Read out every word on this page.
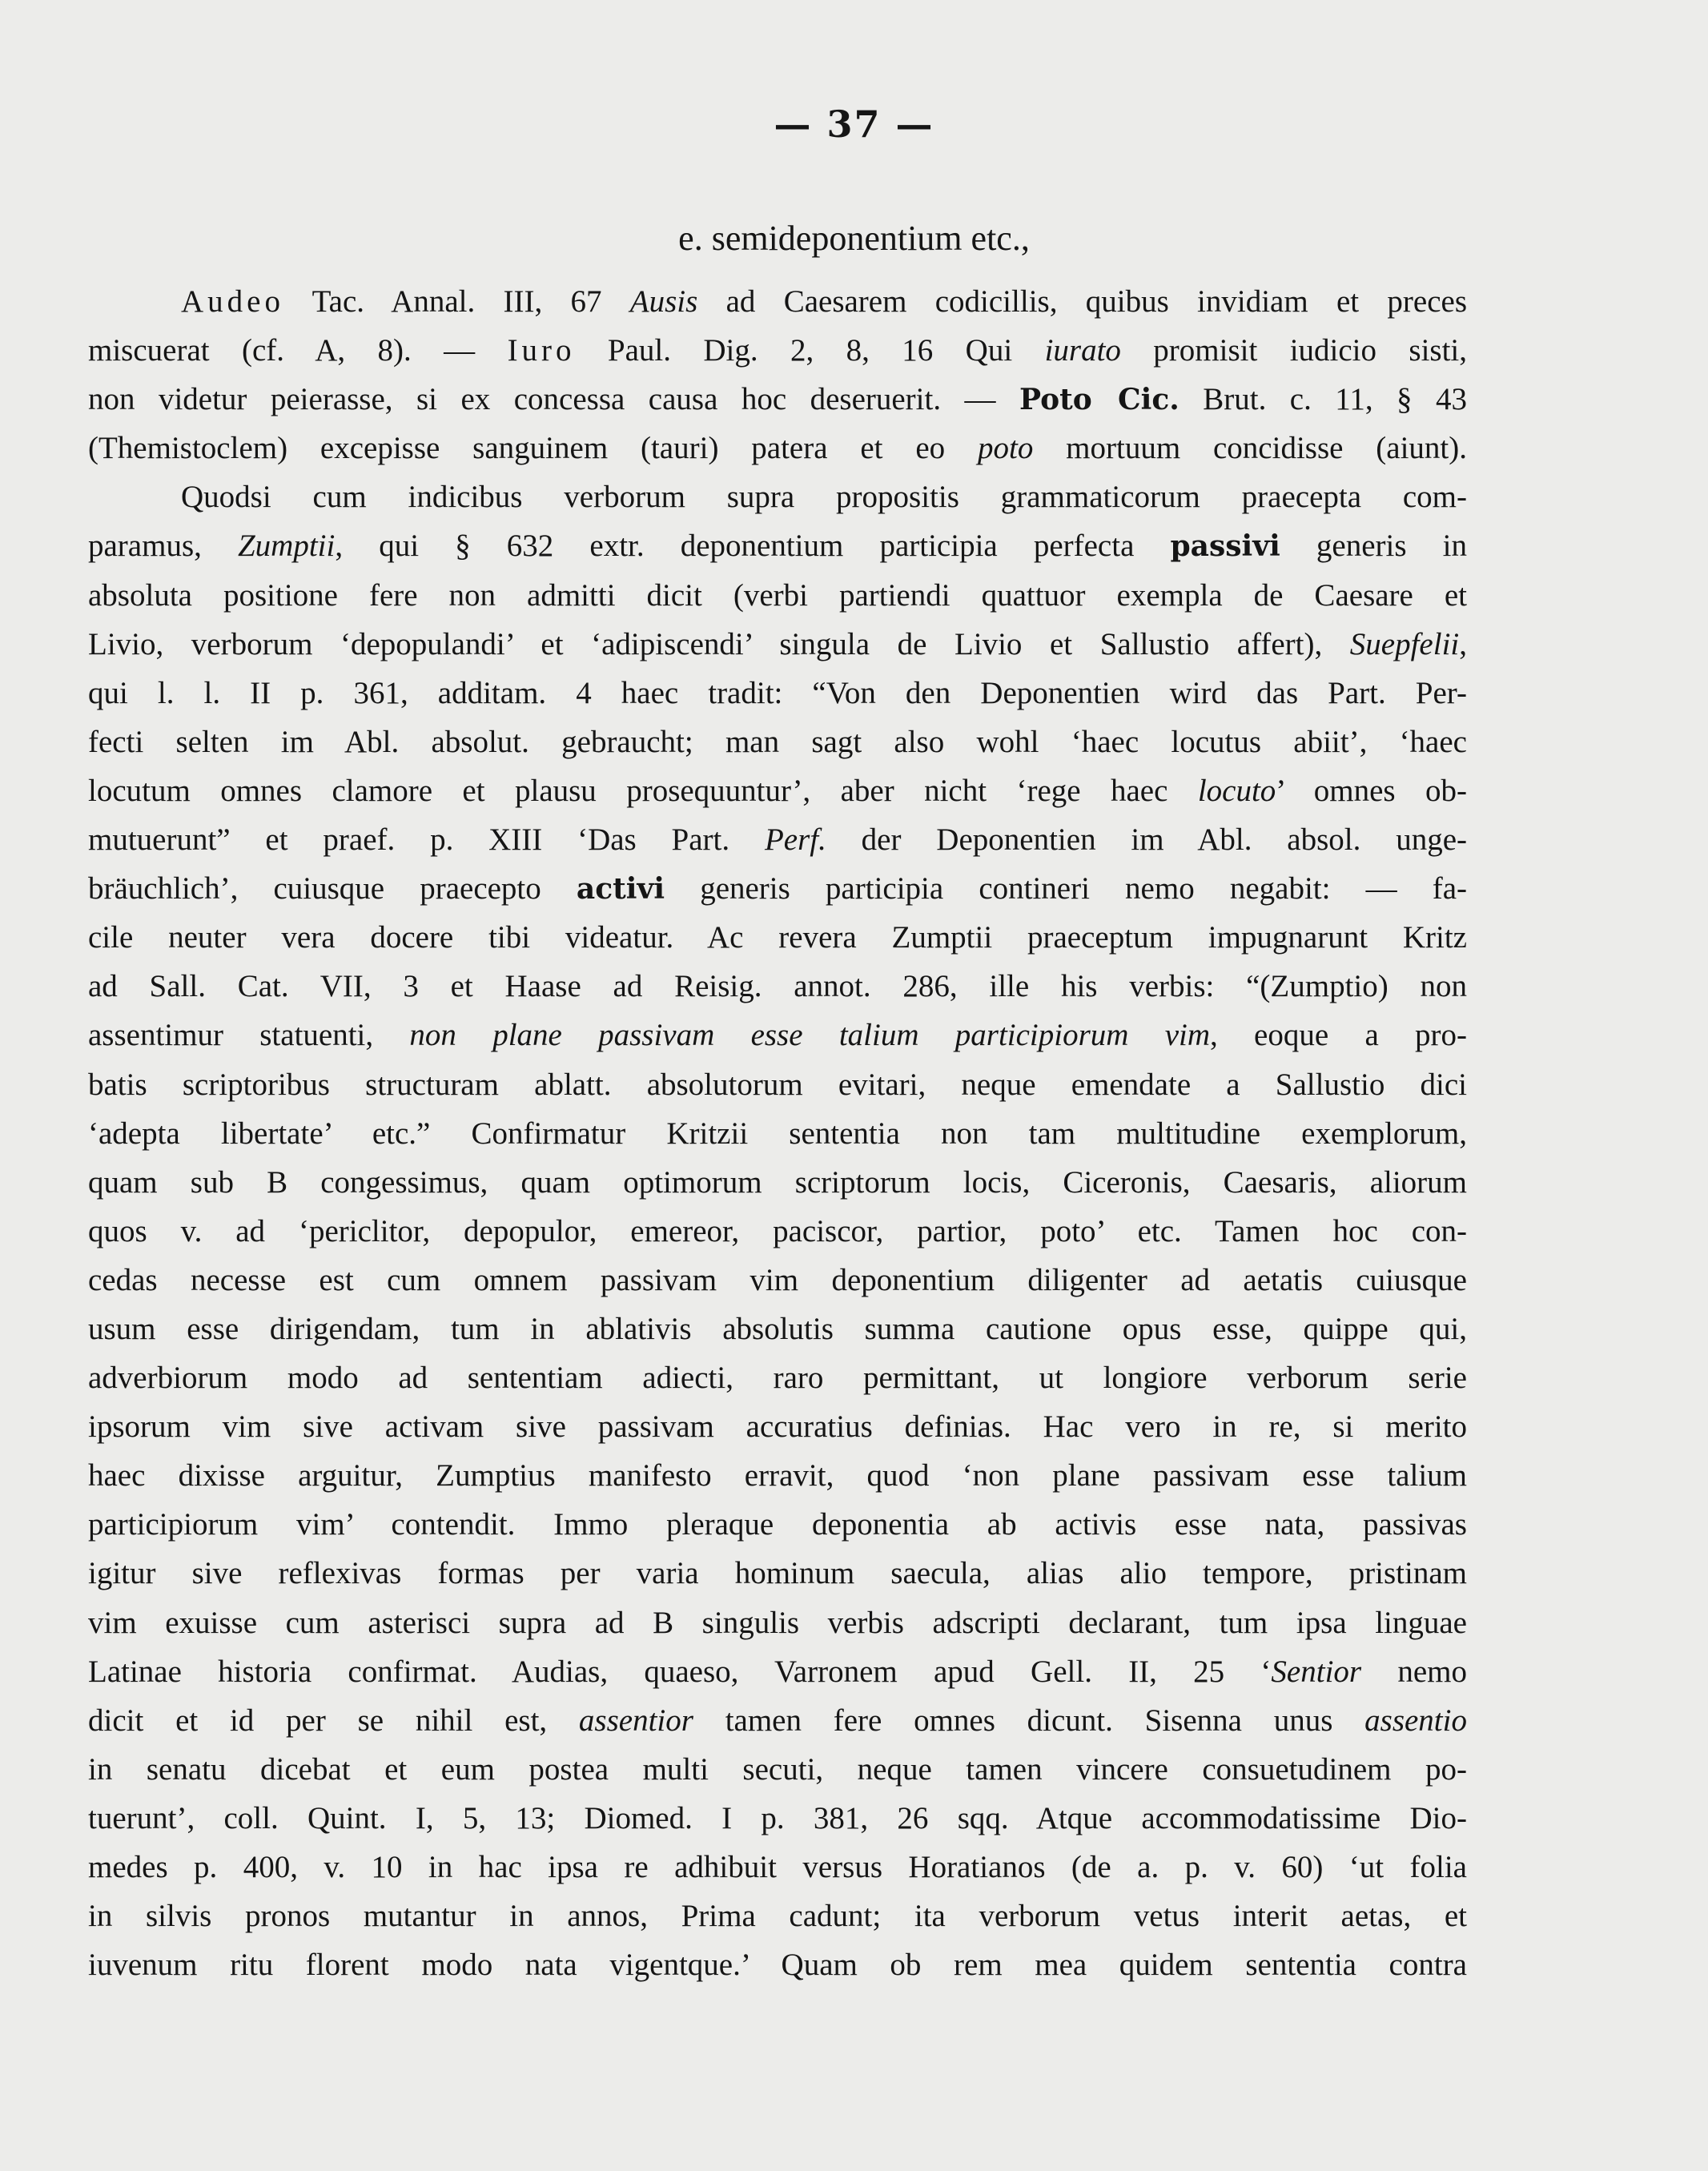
— 37 —
e. semideponentium etc.,
Audeo Tac. Annal. III, 67 Ausis ad Caesarem codicillis, quibus invidiam et preces
miscuerat (cf. A, 8). — Iuro Paul. Dig. 2, 8, 16 Qui iurato promisit iudicio sisti,
non videtur peierasse, si ex concessa causa hoc deseruerit. — Poto Cic. Brut. c. 11, § 43
(Themistoclem) excepisse sanguinem (tauri) patera et eo poto mortuum concidisse (aiunt).
Quodsi cum indicibus verborum supra propositis grammaticorum praecepta com-
paramus, Zumptii, qui § 632 extr. deponentium participia perfecta passivi generis in
absoluta positione fere non admitti dicit (verbi partiendi quattuor exempla de Caesare et
Livio, verborum ‘depopulandi’ et ‘adipiscendi’ singula de Livio et Sallustio affert), Suepfelii,
qui l. l. II p. 361, additam. 4 haec tradit: “Von den Deponentien wird das Part. Per-
fecti selten im Abl. absolut. gebraucht; man sagt also wohl ‘haec locutus abiit’, ‘haec
locutum omnes clamore et plausu prosequuntur’, aber nicht ‘rege haec locuto’ omnes ob-
mutuerunt” et praef. p. XIII ‘Das Part. Perf. der Deponentien im Abl. absol. unge-
bräuchlich’, cuiusque praecepto activi generis participia contineri nemo negabit: — fa-
cile neuter vera docere tibi videatur. Ac revera Zumptii praeceptum impugnarunt Kritz
ad Sall. Cat. VII, 3 et Haase ad Reisig. annot. 286, ille his verbis: “(Zumptio) non
assentimur statuenti, non plane passivam esse talium participiorum vim, eoque a pro-
batis scriptoribus structuram ablatt. absolutorum evitari, neque emendate a Sallustio dici
‘adepta libertate’ etc.” Confirmatur Kritzii sententia non tam multitudine exemplorum,
quam sub B congessimus, quam optimorum scriptorum locis, Ciceronis, Caesaris, aliorum
quos v. ad ‘periclitor, depopulor, emereor, paciscor, partior, poto’ etc. Tamen hoc con-
cedas necesse est cum omnem passivam vim deponentium diligenter ad aetatis cuiusque
usum esse dirigendam, tum in ablativis absolutis summa cautione opus esse, quippe qui,
adverbiorum modo ad sententiam adiecti, raro permittant, ut longiore verborum serie
ipsorum vim sive activam sive passivam accuratius definias. Hac vero in re, si merito
haec dixisse arguitur, Zumptius manifesto erravit, quod ‘non plane passivam esse talium
participiorum vim’ contendit. Immo pleraque deponentia ab activis esse nata, passivas
igitur sive reflexivas formas per varia hominum saecula, alias alio tempore, pristinam
vim exuisse cum asterisci supra ad B singulis verbis adscripti declarant, tum ipsa linguae
Latinae historia confirmat. Audias, quaeso, Varronem apud Gell. II, 25 ‘Sentior nemo
dicit et id per se nihil est, assentior tamen fere omnes dicunt. Sisenna unus assentio
in senatu dicebat et eum postea multi secuti, neque tamen vincere consuetudinem po-
tuerunt’, coll. Quint. I, 5, 13; Diomed. I p. 381, 26 sqq. Atque accommodatissime Dio-
medes p. 400, v. 10 in hac ipsa re adhibuit versus Horatianos (de a. p. v. 60) ‘ut folia
in silvis pronos mutantur in annos, Prima cadunt; ita verborum vetus interit aetas, et
iuvenum ritu florent modo nata vigentque.’ Quam ob rem mea quidem sententia contra
